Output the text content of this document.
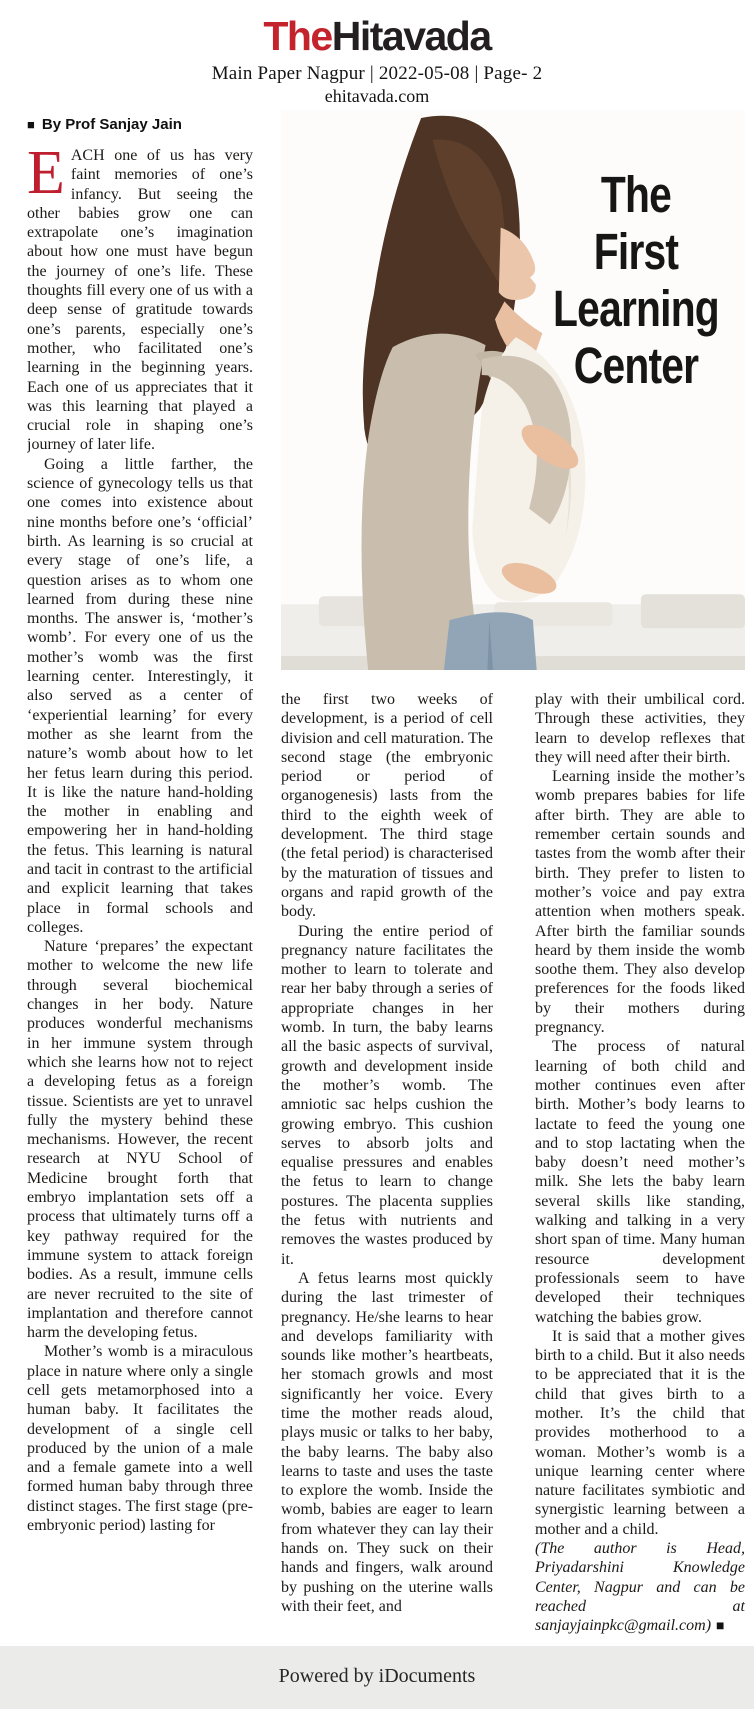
TheHitavada
Main Paper Nagpur | 2022-05-08 | Page- 2
ehitavada.com
■ By Prof Sanjay Jain

EACH one of us has very faint memories of one’s infancy. But seeing the other babies grow one can extrapolate one’s imagination about how one must have begun the journey of one’s life. These thoughts fill every one of us with a deep sense of gratitude towards one’s parents, especially one’s mother, who facilitated one’s learning in the beginning years. Each one of us appreciates that it was this learning that played a crucial role in shaping one’s journey of later life.

Going a little farther, the science of gynecology tells us that one comes into existence about nine months before one’s ‘official’ birth. As learning is so crucial at every stage of one’s life, a question arises as to whom one learned from during these nine months. The answer is, ‘mother’s womb’. For every one of us the mother’s womb was the first learning center. Interestingly, it also served as a center of ‘experiential learning’ for every mother as she learnt from the nature’s womb about how to let her fetus learn during this period. It is like the nature hand-holding the mother in enabling and empowering her in hand-holding the fetus. This learning is natural and tacit in contrast to the artificial and explicit learning that takes place in formal schools and colleges.

Nature ‘prepares’ the expectant mother to welcome the new life through several biochemical changes in her body. Nature produces wonderful mechanisms in her immune system through which she learns how not to reject a developing fetus as a foreign tissue. Scientists are yet to unravel fully the mystery behind these mechanisms. However, the recent research at NYU School of Medicine brought forth that embryo implantation sets off a process that ultimately turns off a key pathway required for the immune system to attack foreign bodies. As a result, immune cells are never recruited to the site of implantation and therefore cannot harm the developing fetus.

Mother’s womb is a miraculous place in nature where only a single cell gets metamorphosed into a human baby. It facilitates the development of a single cell produced by the union of a male and a female gamete into a well formed human baby through three distinct stages. The first stage (pre-embryonic period) lasting for

The
First
Learning
Center

the first two weeks of development, is a period of cell division and cell maturation. The second stage (the embryonic period or period of organogenesis) lasts from the third to the eighth week of development. The third stage (the fetal period) is characterised by the maturation of tissues and organs and rapid growth of the body.

During the entire period of pregnancy nature facilitates the mother to learn to tolerate and rear her baby through a series of appropriate changes in her womb. In turn, the baby learns all the basic aspects of survival, growth and development inside the mother’s womb. The amniotic sac helps cushion the growing embryo. This cushion serves to absorb jolts and equalise pressures and enables the fetus to learn to change postures. The placenta supplies the fetus with nutrients and removes the wastes produced by it.

A fetus learns most quickly during the last trimester of pregnancy. He/she learns to hear and develops familiarity with sounds like mother’s heartbeats, her stomach growls and most significantly her voice. Every time the mother reads aloud, plays music or talks to her baby, the baby learns. The baby also learns to taste and uses the taste to explore the womb. Inside the womb, babies are eager to learn from whatever they can lay their hands on. They suck on their hands and fingers, walk around by pushing on the uterine walls with their feet, and

play with their umbilical cord. Through these activities, they learn to develop reflexes that they will need after their birth.

Learning inside the mother’s womb prepares babies for life after birth. They are able to remember certain sounds and tastes from the womb after their birth. They prefer to listen to mother’s voice and pay extra attention when mothers speak. After birth the familiar sounds heard by them inside the womb soothe them. They also develop preferences for the foods liked by their mothers during pregnancy.

The process of natural learning of both child and mother continues even after birth. Mother’s body learns to lactate to feed the young one and to stop lactating when the baby doesn’t need mother’s milk. She lets the baby learn several skills like standing, walking and talking in a very short span of time. Many human resource development professionals seem to have developed their techniques watching the babies grow.

It is said that a mother gives birth to a child. But it also needs to be appreciated that it is the child that gives birth to a mother. It’s the child that provides motherhood to a woman. Mother’s womb is a unique learning center where nature facilitates symbiotic and synergistic learning between a mother and a child.

(The author is Head, Priyadarshini Knowledge Center, Nagpur and can be reached at sanjayjainpkc@gmail.com) ■

Powered by iDocuments
